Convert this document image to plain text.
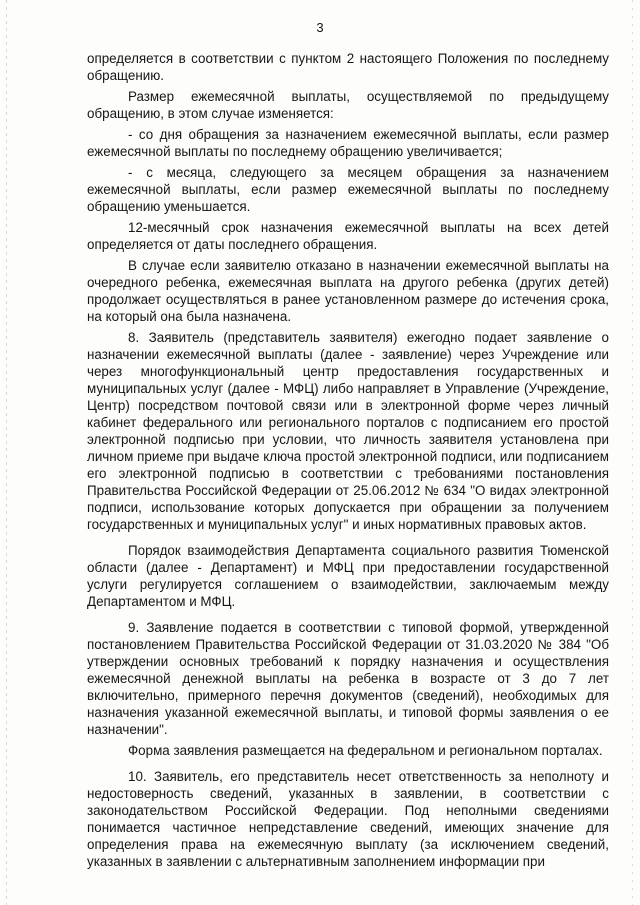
3

определяется в соответствии с пунктом 2 настоящего Положения по последнему обращению.

Размер ежемесячной выплаты, осуществляемой по предыдущему обращению, в этом случае изменяется:

- со дня обращения за назначением ежемесячной выплаты, если размер ежемесячной выплаты по последнему обращению увеличивается;

- с месяца, следующего за месяцем обращения за назначением ежемесячной выплаты, если размер ежемесячной выплаты по последнему обращению уменьшается.

12-месячный срок назначения ежемесячной выплаты на всех детей определяется от даты последнего обращения.

В случае если заявителю отказано в назначении ежемесячной выплаты на очередного ребенка, ежемесячная выплата на другого ребенка (других детей) продолжает осуществляться в ранее установленном размере до истечения срока, на который она была назначена.

8. Заявитель (представитель заявителя) ежегодно подает заявление о назначении ежемесячной выплаты (далее - заявление) через Учреждение или через многофункциональный центр предоставления государственных и муниципальных услуг (далее - МФЦ) либо направляет в Управление (Учреждение, Центр) посредством почтовой связи или в электронной форме через личный кабинет федерального или регионального порталов с подписанием его простой электронной подписью при условии, что личность заявителя установлена при личном приеме при выдаче ключа простой электронной подписи, или подписанием его электронной подписью в соответствии с требованиями постановления Правительства Российской Федерации от 25.06.2012 № 634 "О видах электронной подписи, использование которых допускается при обращении за получением государственных и муниципальных услуг" и иных нормативных правовых актов.

Порядок взаимодействия Департамента социального развития Тюменской области (далее - Департамент) и МФЦ при предоставлении государственной услуги регулируется соглашением о взаимодействии, заключаемым между Департаментом и МФЦ.

9. Заявление подается в соответствии с типовой формой, утвержденной постановлением Правительства Российской Федерации от 31.03.2020 № 384 "Об утверждении основных требований к порядку назначения и осуществления ежемесячной денежной выплаты на ребенка в возрасте от 3 до 7 лет включительно, примерного перечня документов (сведений), необходимых для назначения указанной ежемесячной выплаты, и типовой формы заявления о ее назначении".

Форма заявления размещается на федеральном и региональном порталах.

10. Заявитель, его представитель несет ответственность за неполноту и недостоверность сведений, указанных в заявлении, в соответствии с законодательством Российской Федерации. Под неполными сведениями понимается частичное непредставление сведений, имеющих значение для определения права на ежемесячную выплату (за исключением сведений, указанных в заявлении с альтернативным заполнением информации при
